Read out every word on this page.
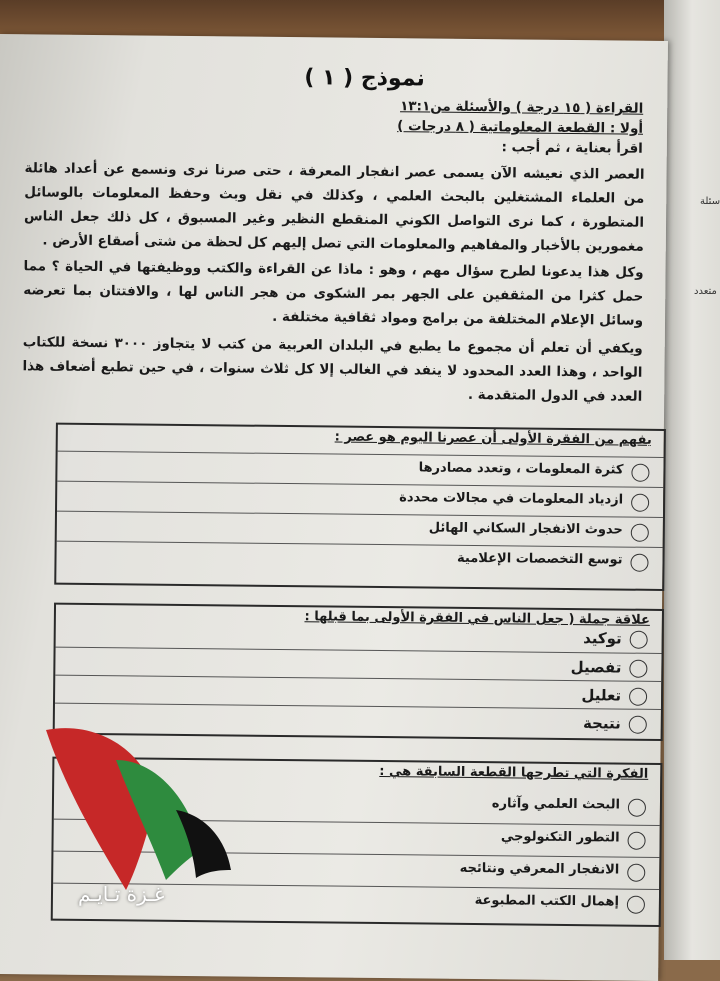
سئلة
متعدد
نموذج ( ١ )
القراءة ( ١٥ درجة ) والأسئلة من١٣:١
أولا : القطعة المعلوماتية ( ٨ درجات )
اقرأ بعناية ، ثم أجب :
العصر الذي نعيشه الآن يسمى عصر انفجار المعرفة ، حتى صرنا نرى ونسمع عن أعداد هائلة من العلماء المشتغلين بالبحث العلمي ، وكذلك في نقل وبث وحفظ المعلومات بالوسائل المتطورة ، كما نرى التواصل الكوني المنقطع النظير وغير المسبوق ، كل ذلك جعل الناس مغمورين بالأخبار والمفاهيم والمعلومات التي تصل إليهم كل لحظة من شتى أصقاع الأرض .
وكل هذا يدعونا لطرح سؤال مهم ، وهو : ماذا عن القراءة والكتب ووظيفتها في الحياة ؟ مما حمل كثرا من المثقفين على الجهر بمر الشكوى من هجر الناس لها ، والافتتان بما تعرضه وسائل الإعلام المختلفة من برامج ومواد ثقافية مختلفة .
ويكفي أن تعلم أن مجموع ما يطبع في البلدان العربية من كتب لا يتجاوز ٣٠٠٠ نسخة للكتاب الواحد ، وهذا العدد المحدود لا ينفد في الغالب إلا كل ثلاث سنوات ، في حين تطبع أضعاف هذا العدد في الدول المتقدمة .
يفهم من الفقرة الأولى أن عصرنا اليوم هو عصر :
كثرة المعلومات ، وتعدد مصادرها
ازدياد المعلومات في مجالات محددة
حدوث الانفجار السكاني الهائل
توسع التخصصات الإعلامية
علاقة جملة ( جعل الناس في الفقرة الأولى بما قبلها :
توكيد
تفصيل
تعليل
نتيجة
الفكرة التي تطرحها القطعة السابقة هي :
البحث العلمي وآثاره
التطور التكنولوجي
الانفجار المعرفي ونتائجه
إهمال الكتب المطبوعة
غـزة تـايـم
